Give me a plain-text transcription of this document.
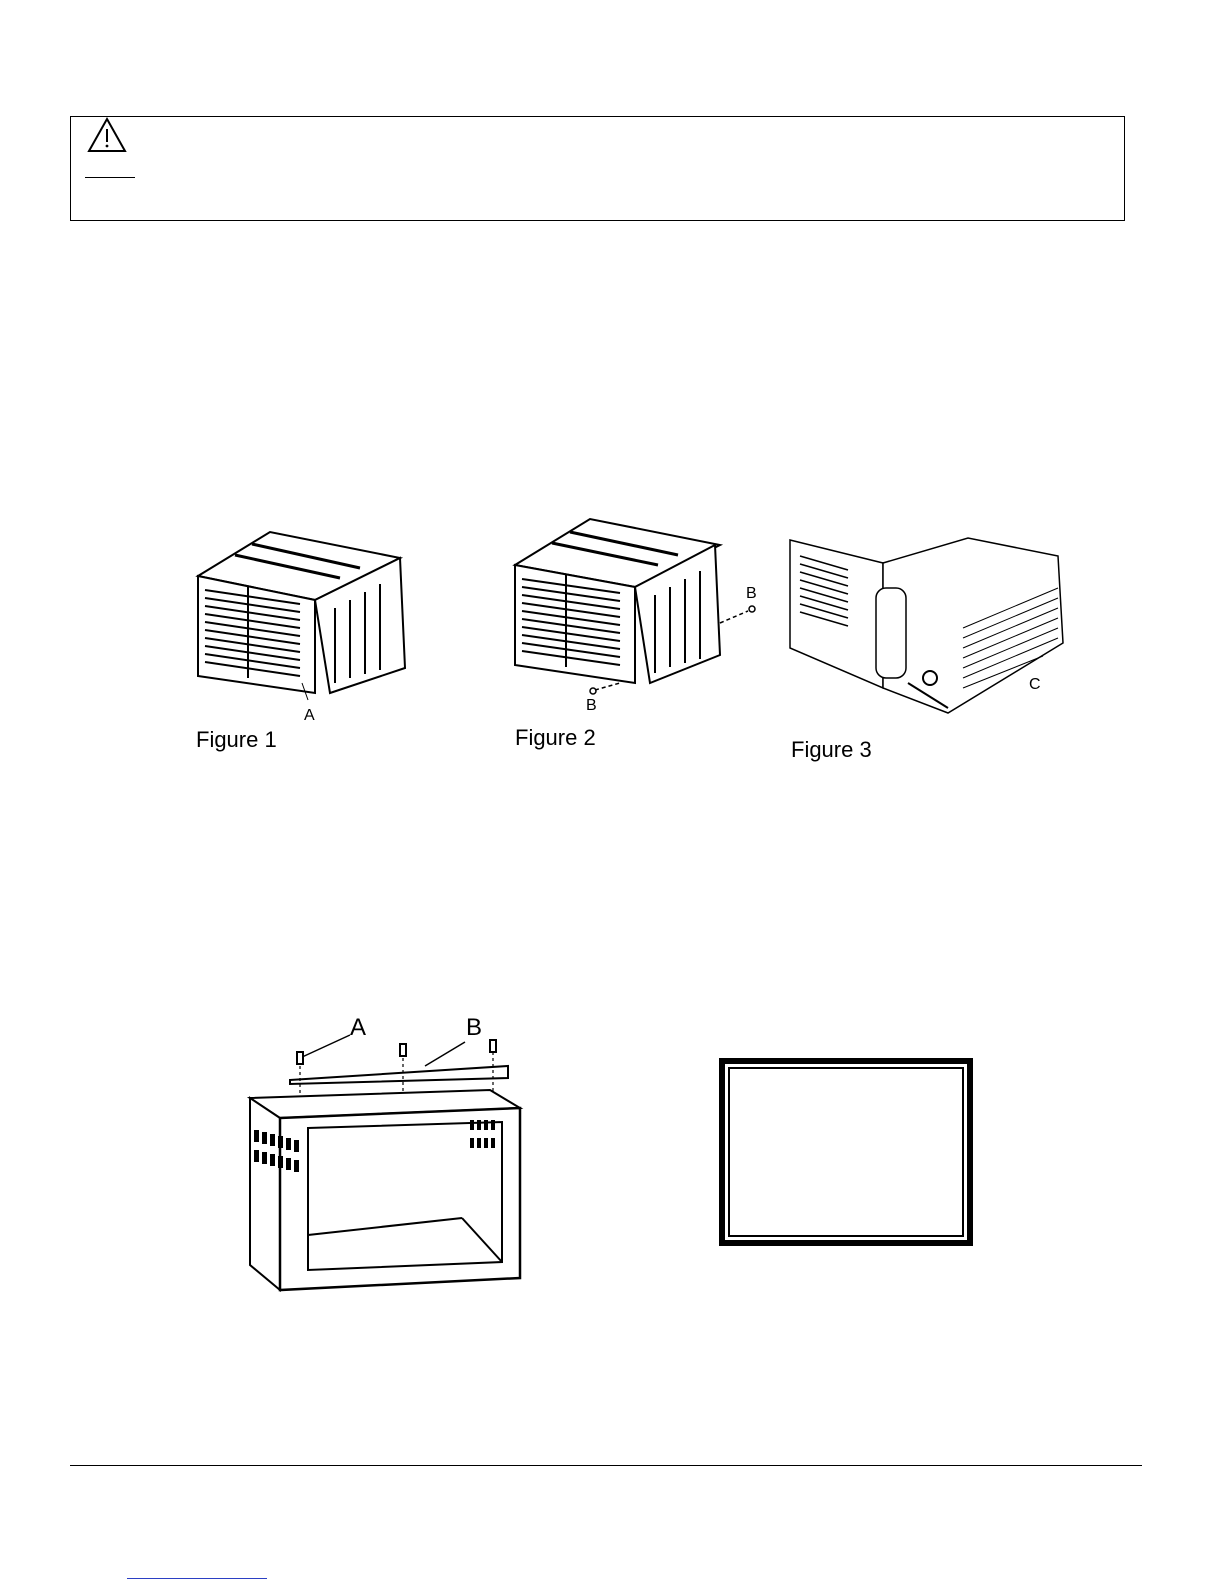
A
Figure 1
B
B
Figure 2
C
Figure 3
A	B
